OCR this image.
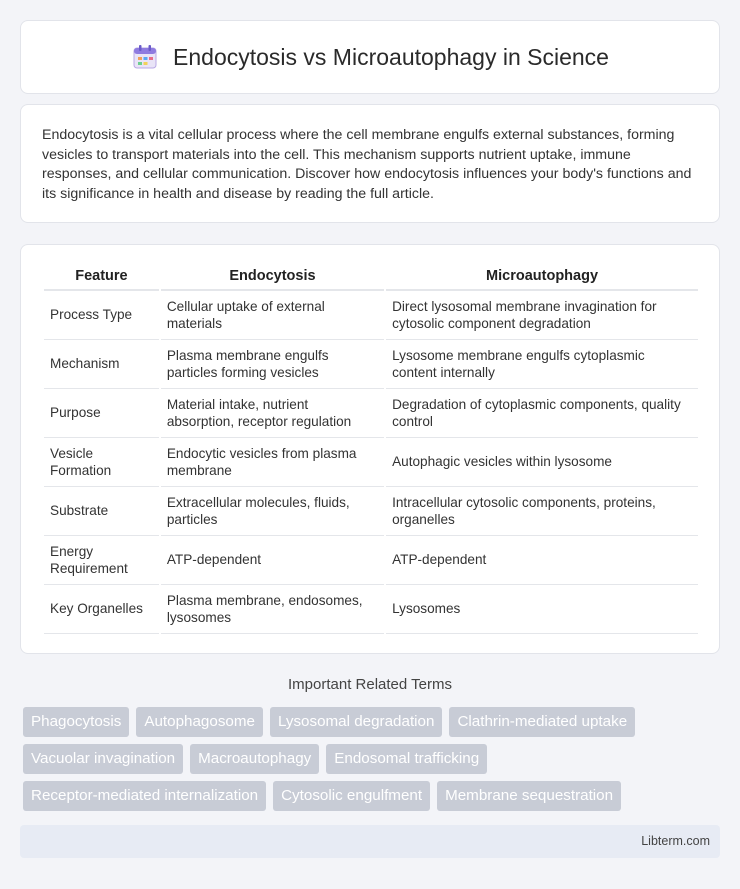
Endocytosis vs Microautophagy in Science

Endocytosis is a vital cellular process where the cell membrane engulfs external substances, forming vesicles to transport materials into the cell. This mechanism supports nutrient uptake, immune responses, and cellular communication. Discover how endocytosis influences your body's functions and its significance in health and disease by reading the full article.

Feature	Endocytosis	Microautophagy
Process Type	Cellular uptake of external materials	Direct lysosomal membrane invagination for cytosolic component degradation
Mechanism	Plasma membrane engulfs particles forming vesicles	Lysosome membrane engulfs cytoplasmic content internally
Purpose	Material intake, nutrient absorption, receptor regulation	Degradation of cytoplasmic components, quality control
Vesicle Formation	Endocytic vesicles from plasma membrane	Autophagic vesicles within lysosome
Substrate	Extracellular molecules, fluids, particles	Intracellular cytosolic components, proteins, organelles
Energy Requirement	ATP-dependent	ATP-dependent
Key Organelles	Plasma membrane, endosomes, lysosomes	Lysosomes
Important Related Terms
Phagocytosis	Autophagosome	Lysosomal degradation	Clathrin-mediated uptake
Vacuolar invagination	Macroautophagy	Endosomal trafficking
Receptor-mediated internalization	Cytosolic engulfment	Membrane sequestration
Libterm.com
